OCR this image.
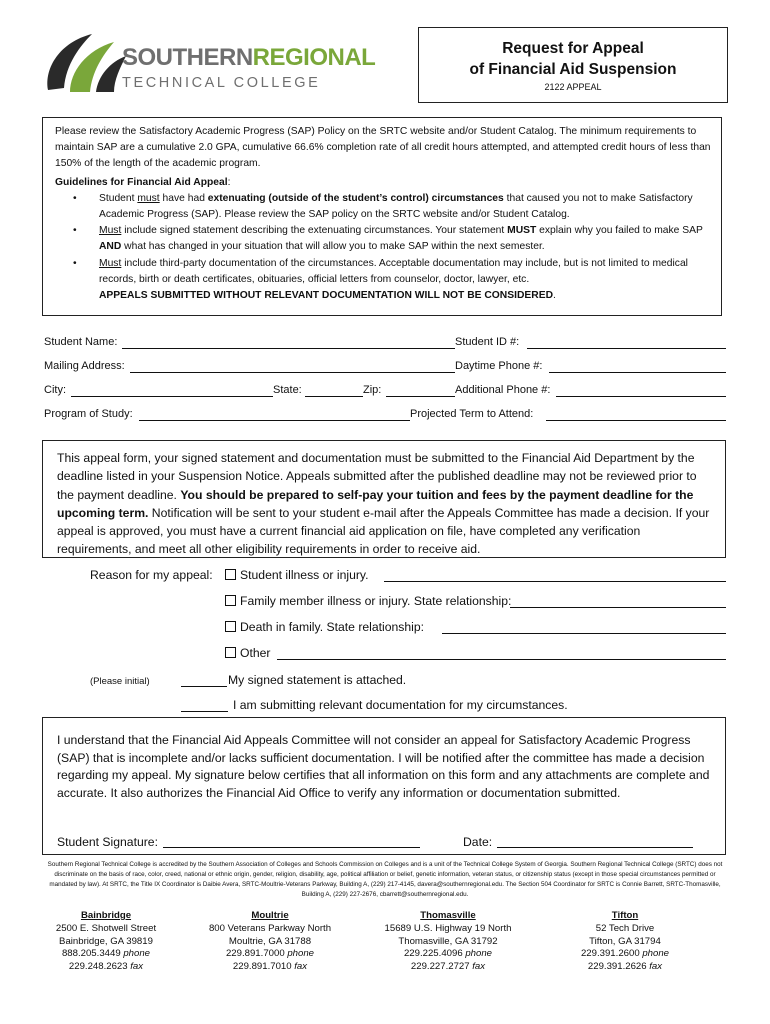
SOUTHERNREGIONAL
TECHNICAL COLLEGE
Request for Appeal
of Financial Aid Suspension
2122 APPEAL

Please review the Satisfactory Academic Progress (SAP) Policy on the SRTC website and/or Student Catalog. The minimum requirements to maintain SAP are a cumulative 2.0 GPA, cumulative 66.6% completion rate of all credit hours attempted, and attempted credit hours of less than 150% of the length of the academic program.

Guidelines for Financial Aid Appeal:

• Student must have had extenuating (outside of the student’s control) circumstances that caused you not to make Satisfactory Academic Progress (SAP). Please review the SAP policy on the SRTC website and/or Student Catalog.
• Must include signed statement describing the extenuating circumstances. Your statement MUST explain why you failed to make SAP AND what has changed in your situation that will allow you to make SAP within the next semester.
• Must include third-party documentation of the circumstances. Acceptable documentation may include, but is not limited to medical records, birth or death certificates, obituaries, official letters from counselor, doctor, lawyer, etc.
APPEALS SUBMITTED WITHOUT RELEVANT DOCUMENTATION WILL NOT BE CONSIDERED.
Student Name:	Student ID #:
Mailing Address:	Daytime Phone #:
City:	State:	Zip:	Additional Phone #:
Program of Study:	Projected Term to Attend:

This appeal form, your signed statement and documentation must be submitted to the Financial Aid Department by the deadline listed in your Suspension Notice. Appeals submitted after the published deadline may not be reviewed prior to the payment deadline. You should be prepared to self-pay your tuition and fees by the payment deadline for the upcoming term. Notification will be sent to your student e-mail after the Appeals Committee has made a decision. If your appeal is approved, you must have a current financial aid application on file, have completed any verification requirements, and meet all other eligibility requirements in order to receive aid.

Reason for my appeal:	Student illness or injury.
Family member illness or injury. State relationship:
Death in family. State relationship:
Other
(Please initial)	My signed statement is attached.
I am submitting relevant documentation for my circumstances.

I understand that the Financial Aid Appeals Committee will not consider an appeal for Satisfactory Academic Progress (SAP) that is incomplete and/or lacks sufficient documentation. I will be notified after the committee has made a decision regarding my appeal. My signature below certifies that all information on this form and any attachments are complete and accurate. It also authorizes the Financial Aid Office to verify any information or documentation submitted.

Student Signature:	Date:
Southern Regional Technical College is accredited by the Southern Association of Colleges and Schools Commission on Colleges and is a unit of the Technical College System of Georgia. Southern Regional Technical College (SRTC) does not discriminate on the basis of race, color, creed, national or ethnic origin, gender, religion, disability, age, political affiliation or belief, genetic information, veteran status, or citizenship status (except in those special circumstances permitted or mandated by law). At SRTC, the Title IX Coordinator is Daibie Avera, SRTC-Moultrie-Veterans Parkway, Building A, (229) 217-4145, davera@southernregional.edu. The Section 504 Coordinator for SRTC is Connie Barrett, SRTC-Thomasville, Building A, (229) 227-2676, cbarrett@southernregional.edu.
Bainbridge
2500 E. Shotwell Street
Bainbridge, GA 39819
888.205.3449 phone
229.248.2623 fax
Moultrie
800 Veterans Parkway North
Moultrie, GA 31788
229.891.7000 phone
229.891.7010 fax
Thomasville
15689 U.S. Highway 19 North
Thomasville, GA 31792
229.225.4096 phone
229.227.2727 fax
Tifton
52 Tech Drive
Tifton, GA 31794
229.391.2600 phone
229.391.2626 fax
